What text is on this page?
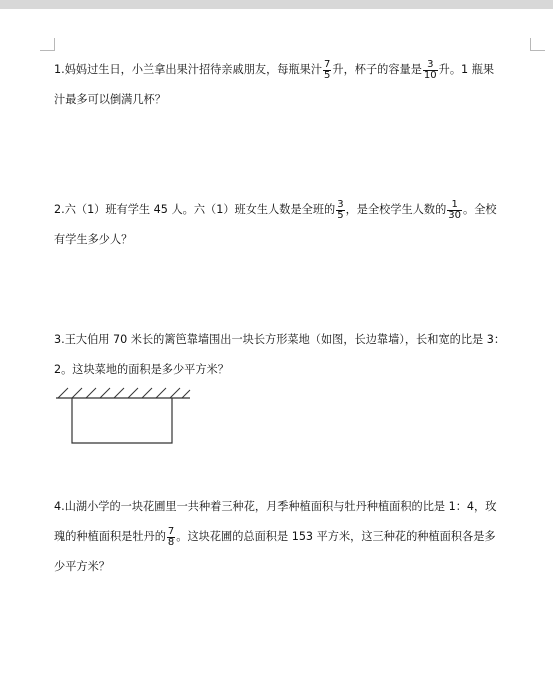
1.妈妈过生日，小兰拿出果汁招待亲戚朋友，每瓶果汁 $\frac{7}{5}$ 升，杯子的容量是 $\frac{3}{10}$ 升。1 瓶果

汁最多可以倒满几杯？

2.六（1）班有学生 45 人。六（1）班女生人数是全班的 $\frac{3}{5}$ ，是全校学生人数的 $\frac{1}{30}$ 。全校

有学生多少人？

3.王大伯用 70 米长的篱笆靠墙围出一块长方形菜地（如图，长边靠墙），长和宽的比是 3：

2。这块菜地的面积是多少平方米？

4.山湖小学的一块花圃里一共种着三种花，月季种植面积与牡丹种植面积的比是 1：4，玫

瑰的种植面积是牡丹的 $\frac{7}{8}$ 。这块花圃的总面积是 153 平方米，这三种花的种植面积各是多

少平方米？
